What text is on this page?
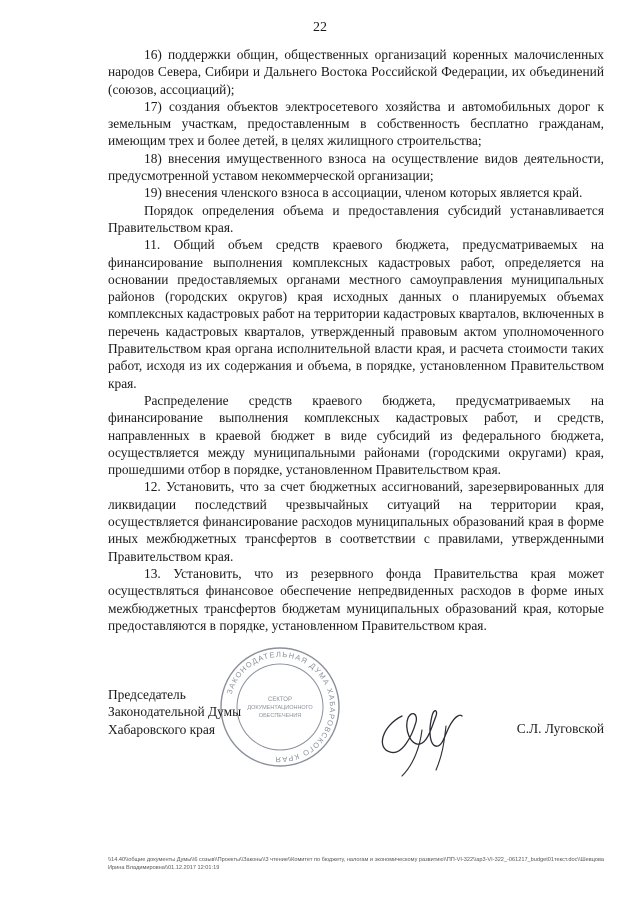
22

16) поддержки общин, общественных организаций коренных малочисленных народов Севера, Сибири и Дальнего Востока Российской Федерации, их объединений (союзов, ассоциаций);

17) создания объектов электросетевого хозяйства и автомобильных дорог к земельным участкам, предоставленным в собственность бесплатно гражданам, имеющим трех и более детей, в целях жилищного строительства;

18) внесения имущественного взноса на осуществление видов деятельности, предусмотренной уставом некоммерческой организации;

19) внесения членского взноса в ассоциации, членом которых является край.

Порядок определения объема и предоставления субсидий устанавливается Правительством края.

11. Общий объем средств краевого бюджета, предусматриваемых на финансирование выполнения комплексных кадастровых работ, определяется на основании предоставляемых органами местного самоуправления муниципальных районов (городских округов) края исходных данных о планируемых объемах комплексных кадастровых работ на территории кадастровых кварталов, включенных в перечень кадастровых кварталов, утвержденный правовым актом уполномоченного Правительством края органа исполнительной власти края, и расчета стоимости таких работ, исходя из их содержания и объема, в порядке, установленном Правительством края.

Распределение средств краевого бюджета, предусматриваемых на финансирование выполнения комплексных кадастровых работ, и средств, направленных в краевой бюджет в виде субсидий из федерального бюджета, осуществляется между муниципальными районами (городскими округами) края, прошедшими отбор в порядке, установленном Правительством края.

12. Установить, что за счет бюджетных ассигнований, зарезервированных для ликвидации последствий чрезвычайных ситуаций на территории края, осуществляется финансирование расходов муниципальных образований края в форме иных межбюджетных трансфертов в соответствии с правилами, утвержденными Правительством края.

13. Установить, что из резервного фонда Правительства края может осуществляться финансовое обеспечение непредвиденных расходов в форме иных межбюджетных трансфертов бюджетам муниципальных образований края, которые предоставляются в порядке, установленном Правительством края.

ЗАКОНОДАТЕЛЬНАЯ ДУМА ХАБАРОВСКОГО КРАЯ
СЕКТОР
ДОКУМЕНТАЦИОННОГО
ОБЕСПЕЧЕНИЯ
Председатель
Законодательной Думы
Хабаровского края	С.Л. Луговской
\\14.40\\общие документы Думы\\6 созыв\\Проекты\\Законы\\3 чтение\\Комитет по бюджету, налогам и экономическому развитию\\ПП-VI-322\\ар3-VI-322_-061217_budget01текст.doc\\Шевцова Ирина Владимировна\\01.12.2017 12:01:19
